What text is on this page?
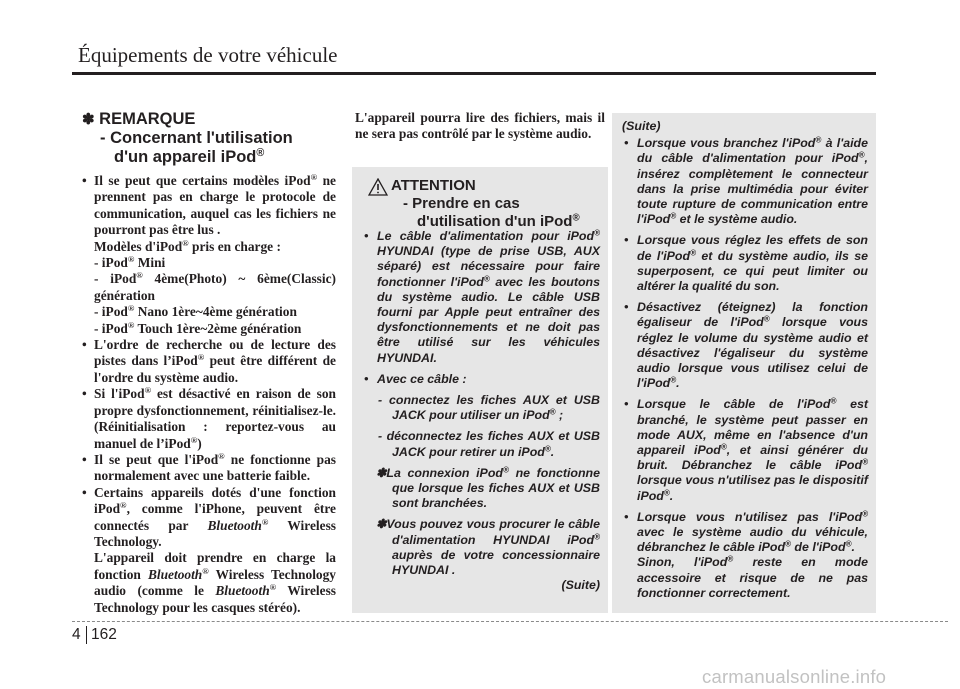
Équipements de votre véhicule
✽ REMARQUE
- Concernant l'utilisation
d'un appareil iPod®
• Il se peut que certains modèles iPod® ne prennent pas en charge le protocole de communication, auquel cas les fichiers ne pourront pas être lus .
Modèles d'iPod® pris en charge :
- iPod® Mini
- iPod® 4ème(Photo) ~ 6ème(Classic) génération
- iPod® Nano 1ère~4ème génération
- iPod® Touch 1ère~2ème génération
• L'ordre de recherche ou de lecture des pistes dans l’iPod® peut être différent de l'ordre du système audio.
• Si l'iPod® est désactivé en raison de son propre dysfonctionnement, réinitialisez-le. (Réinitialisation : reportez-vous au manuel de l’iPod®)
• Il se peut que l'iPod® ne fonctionne pas normalement avec une batterie faible.
• Certains appareils dotés d'une fonction iPod®, comme l'iPhone, peuvent être connectés par Bluetooth® Wireless Technology.
L'appareil doit prendre en charge la fonction Bluetooth® Wireless Technology audio (comme le Bluetooth® Wireless Technology pour les casques stéréo).
L'appareil pourra lire des fichiers, mais il ne sera pas contrôlé par le système audio.
ATTENTION
- Prendre en cas
d'utilisation d'un iPod®

• Le câble d'alimentation pour iPod® HYUNDAI (type de prise USB, AUX séparé) est nécessaire pour faire fonctionner l'iPod® avec les boutons du système audio. Le câble USB fourni par Apple peut entraîner des dysfonctionnements et ne doit pas être utilisé sur les véhicules HYUNDAI.

• Avec ce câble :

- connectez les fiches AUX et USB JACK pour utiliser un iPod® ;

- déconnectez les fiches AUX et USB JACK pour retirer un iPod®.

✽La connexion iPod® ne fonctionne que lorsque les fiches AUX et USB sont branchées.

✽Vous pouvez vous procurer le câble d'alimentation HYUNDAI iPod® auprès de votre concessionnaire HYUNDAI .

(Suite)

(Suite)

• Lorsque vous branchez l'iPod® à l'aide du câble d'alimentation pour iPod®, insérez complètement le connecteur dans la prise multimédia pour éviter toute rupture de communication entre l'iPod® et le système audio.

• Lorsque vous réglez les effets de son de l'iPod® et du système audio, ils se superposent, ce qui peut limiter ou altérer la qualité du son.

• Désactivez (éteignez) la fonction égaliseur de l'iPod® lorsque vous réglez le volume du système audio et désactivez l'égaliseur du système audio lorsque vous utilisez celui de l'iPod®.

• Lorsque le câble de l'iPod® est branché, le système peut passer en mode AUX, même en l'absence d'un appareil iPod®, et ainsi générer du bruit. Débranchez le câble iPod® lorsque vous n'utilisez pas le dispositif iPod®.

• Lorsque vous n'utilisez pas l'iPod® avec le système audio du véhicule, débranchez le câble iPod® de l'iPod®.
Sinon, l'iPod® reste en mode accessoire et risque de ne pas fonctionner correctement.

4 162
carmanualsonline.info
